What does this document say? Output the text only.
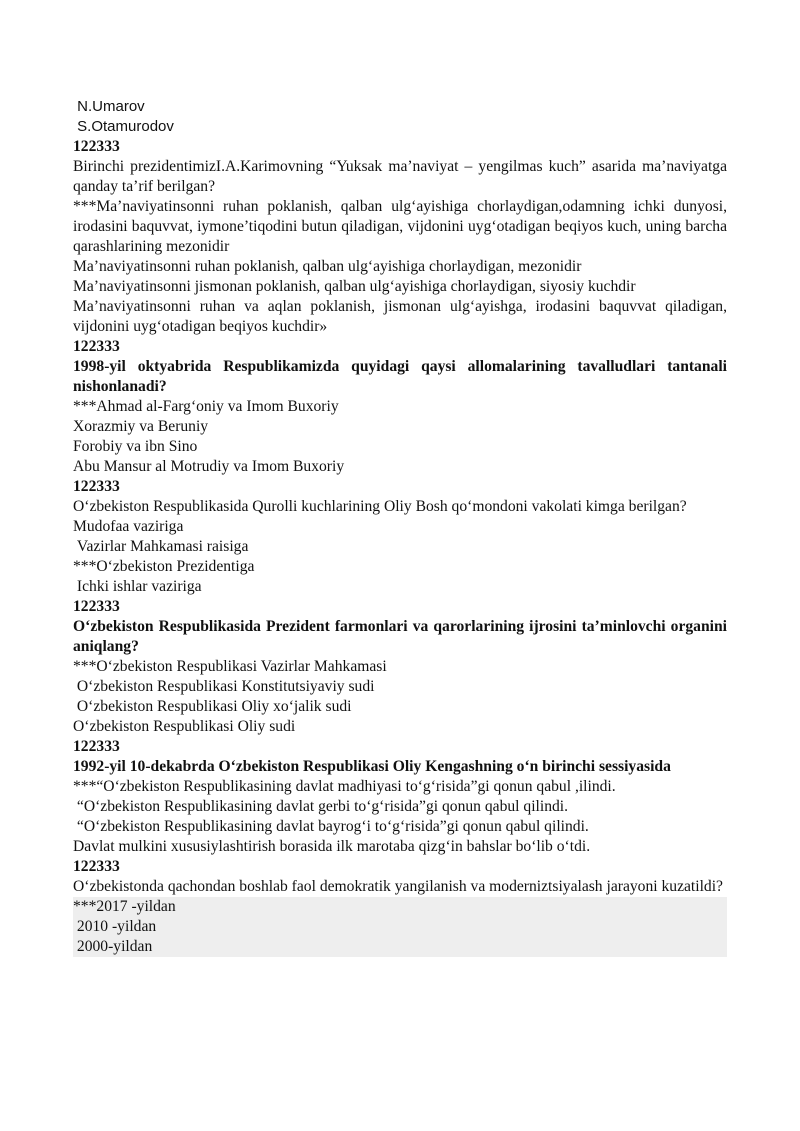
N.Umarov
S.Otamurodov
122333
Birinchi prezidentimizI.A.Karimovning “Yuksak ma’naviyat – yengilmas kuch” asarida ma’naviyatga qanday ta’rif berilgan?
***Ma’naviyatinsonni ruhan poklanish, qalban ulg‘ayishiga chorlaydigan,odamning ichki dunyosi, irodasini baquvvat, iymone’tiqodini butun qiladigan, vijdonini uyg‘otadigan beqiyos kuch, uning barcha qarashlarining mezonidir
Ma’naviyatinsonni ruhan poklanish, qalban ulg‘ayishiga chorlaydigan, mezonidir
Ma’naviyatinsonni jismonan poklanish, qalban ulg‘ayishiga chorlaydigan, siyosiy kuchdir
Ma’naviyatinsonni ruhan va aqlan poklanish, jismonan ulg‘ayishga, irodasini baquvvat qiladigan, vijdonini uyg‘otadigan beqiyos kuchdir»
122333
1998-yil oktyabrida Respublikamizda quyidagi qaysi allomalarining tavalludlari tantanali nishonlanadi?
***Ahmad al-Farg‘oniy va Imom Buxoriy
Xorazmiy va Beruniy
Forobiy va ibn Sino
Abu Mansur al Motrudiy va Imom Buxoriy
122333
O‘zbekiston Respublikasida Qurolli kuchlarining Oliy Bosh qo‘mondoni vakolati kimga berilgan?
Mudofaa vaziriga
Vazirlar Mahkamasi raisiga
***O‘zbekiston Prezidentiga
Ichki ishlar vaziriga
122333
O‘zbekiston Respublikasida Prezident farmonlari va qarorlarining ijrosini ta’minlovchi organini aniqlang?
***O‘zbekiston Respublikasi Vazirlar Mahkamasi
O‘zbekiston Respublikasi Konstitutsiyaviy sudi
O‘zbekiston Respublikasi Oliy xo‘jalik sudi
O‘zbekiston Respublikasi Oliy sudi
122333
1992-yil 10-dekabrda O‘zbekiston Respublikasi Oliy Kengashning o‘n birinchi sessiyasida
***“O‘zbekiston Respublikasining davlat madhiyasi to‘g‘risida”gi qonun qabul ,ilindi.
“O‘zbekiston Respublikasining davlat gerbi to‘g‘risida”gi qonun qabul qilindi.
“O‘zbekiston Respublikasining davlat bayrog‘i to‘g‘risida”gi qonun qabul qilindi.
Davlat mulkini xususiylashtirish borasida ilk marotaba qizg‘in bahslar bo‘lib o‘tdi.
122333
O‘zbekistonda qachondan boshlab faol demokratik yangilanish va moderniztsiyalash jarayoni kuzatildi?
***2017 -yildan
2010 -yildan
2000-yildan
